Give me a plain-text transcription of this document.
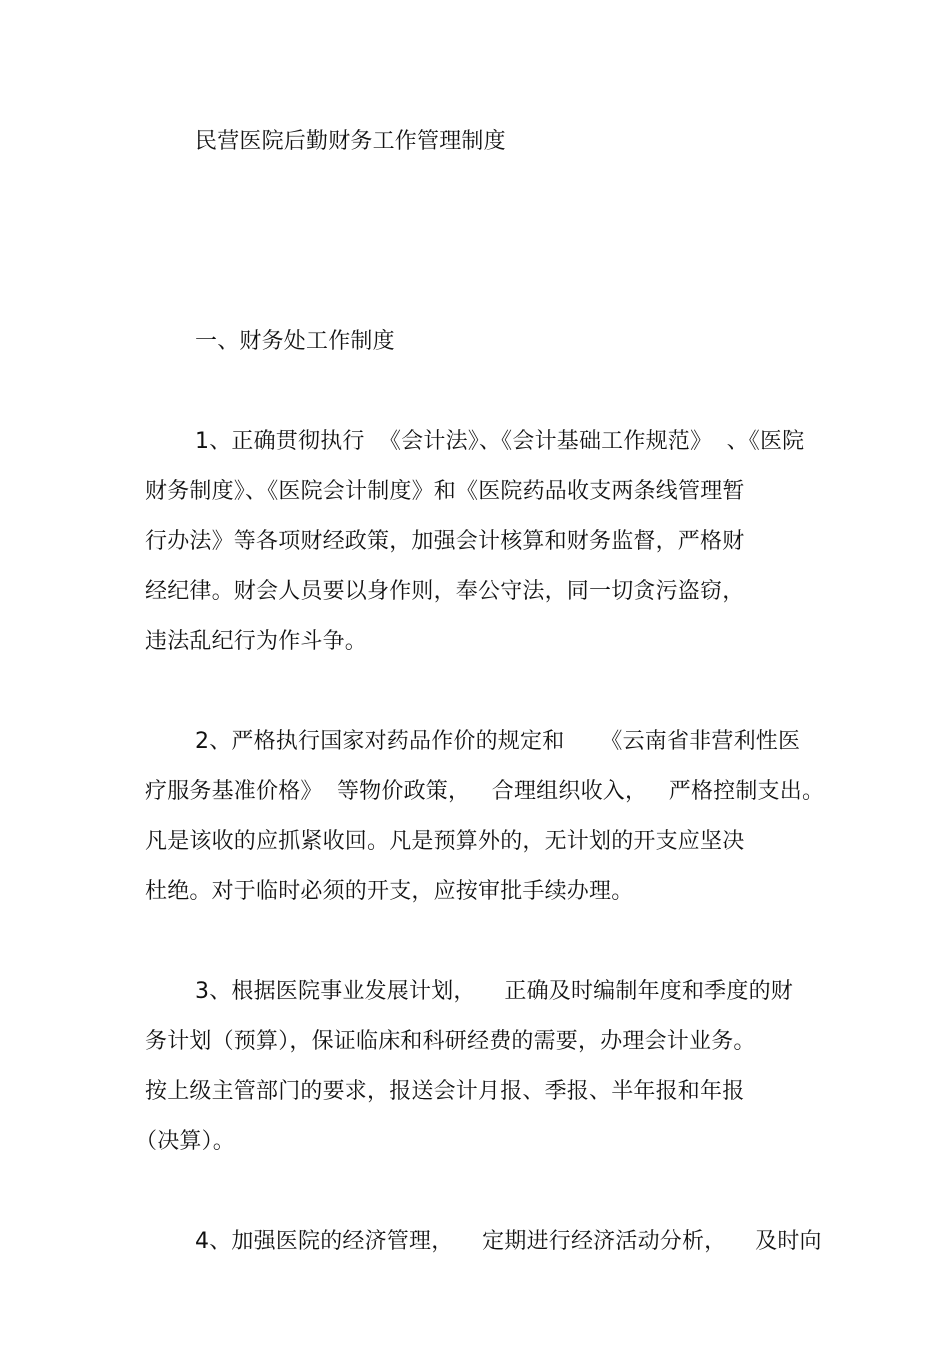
民营医院后勤财务工作管理制度
一、财务处工作制度
1、正确贯彻执行  《会计法》、《会计基础工作规范》  、《医院
财务制度》、《医院会计制度》和《医院药品收支两条线管理暂
行办法》等各项财经政策，加强会计核算和财务监督，严格财
经纪律。财会人员要以身作则，奉公守法，同一切贪污盗窃，
违法乱纪行为作斗争。
2、严格执行国家对药品作价的规定和     《云南省非营利性医
疗服务基准价格》  等物价政策，   合理组织收入，   严格控制支出。
凡是该收的应抓紧收回。凡是预算外的，无计划的开支应坚决
杜绝。对于临时必须的开支，应按审批手续办理。
3、根据医院事业发展计划，    正确及时编制年度和季度的财
务计划（预算），保证临床和科研经费的需要，办理会计业务。
按上级主管部门的要求，报送会计月报、季报、半年报和年报
（决算）。
4、加强医院的经济管理，    定期进行经济活动分析，    及时向
